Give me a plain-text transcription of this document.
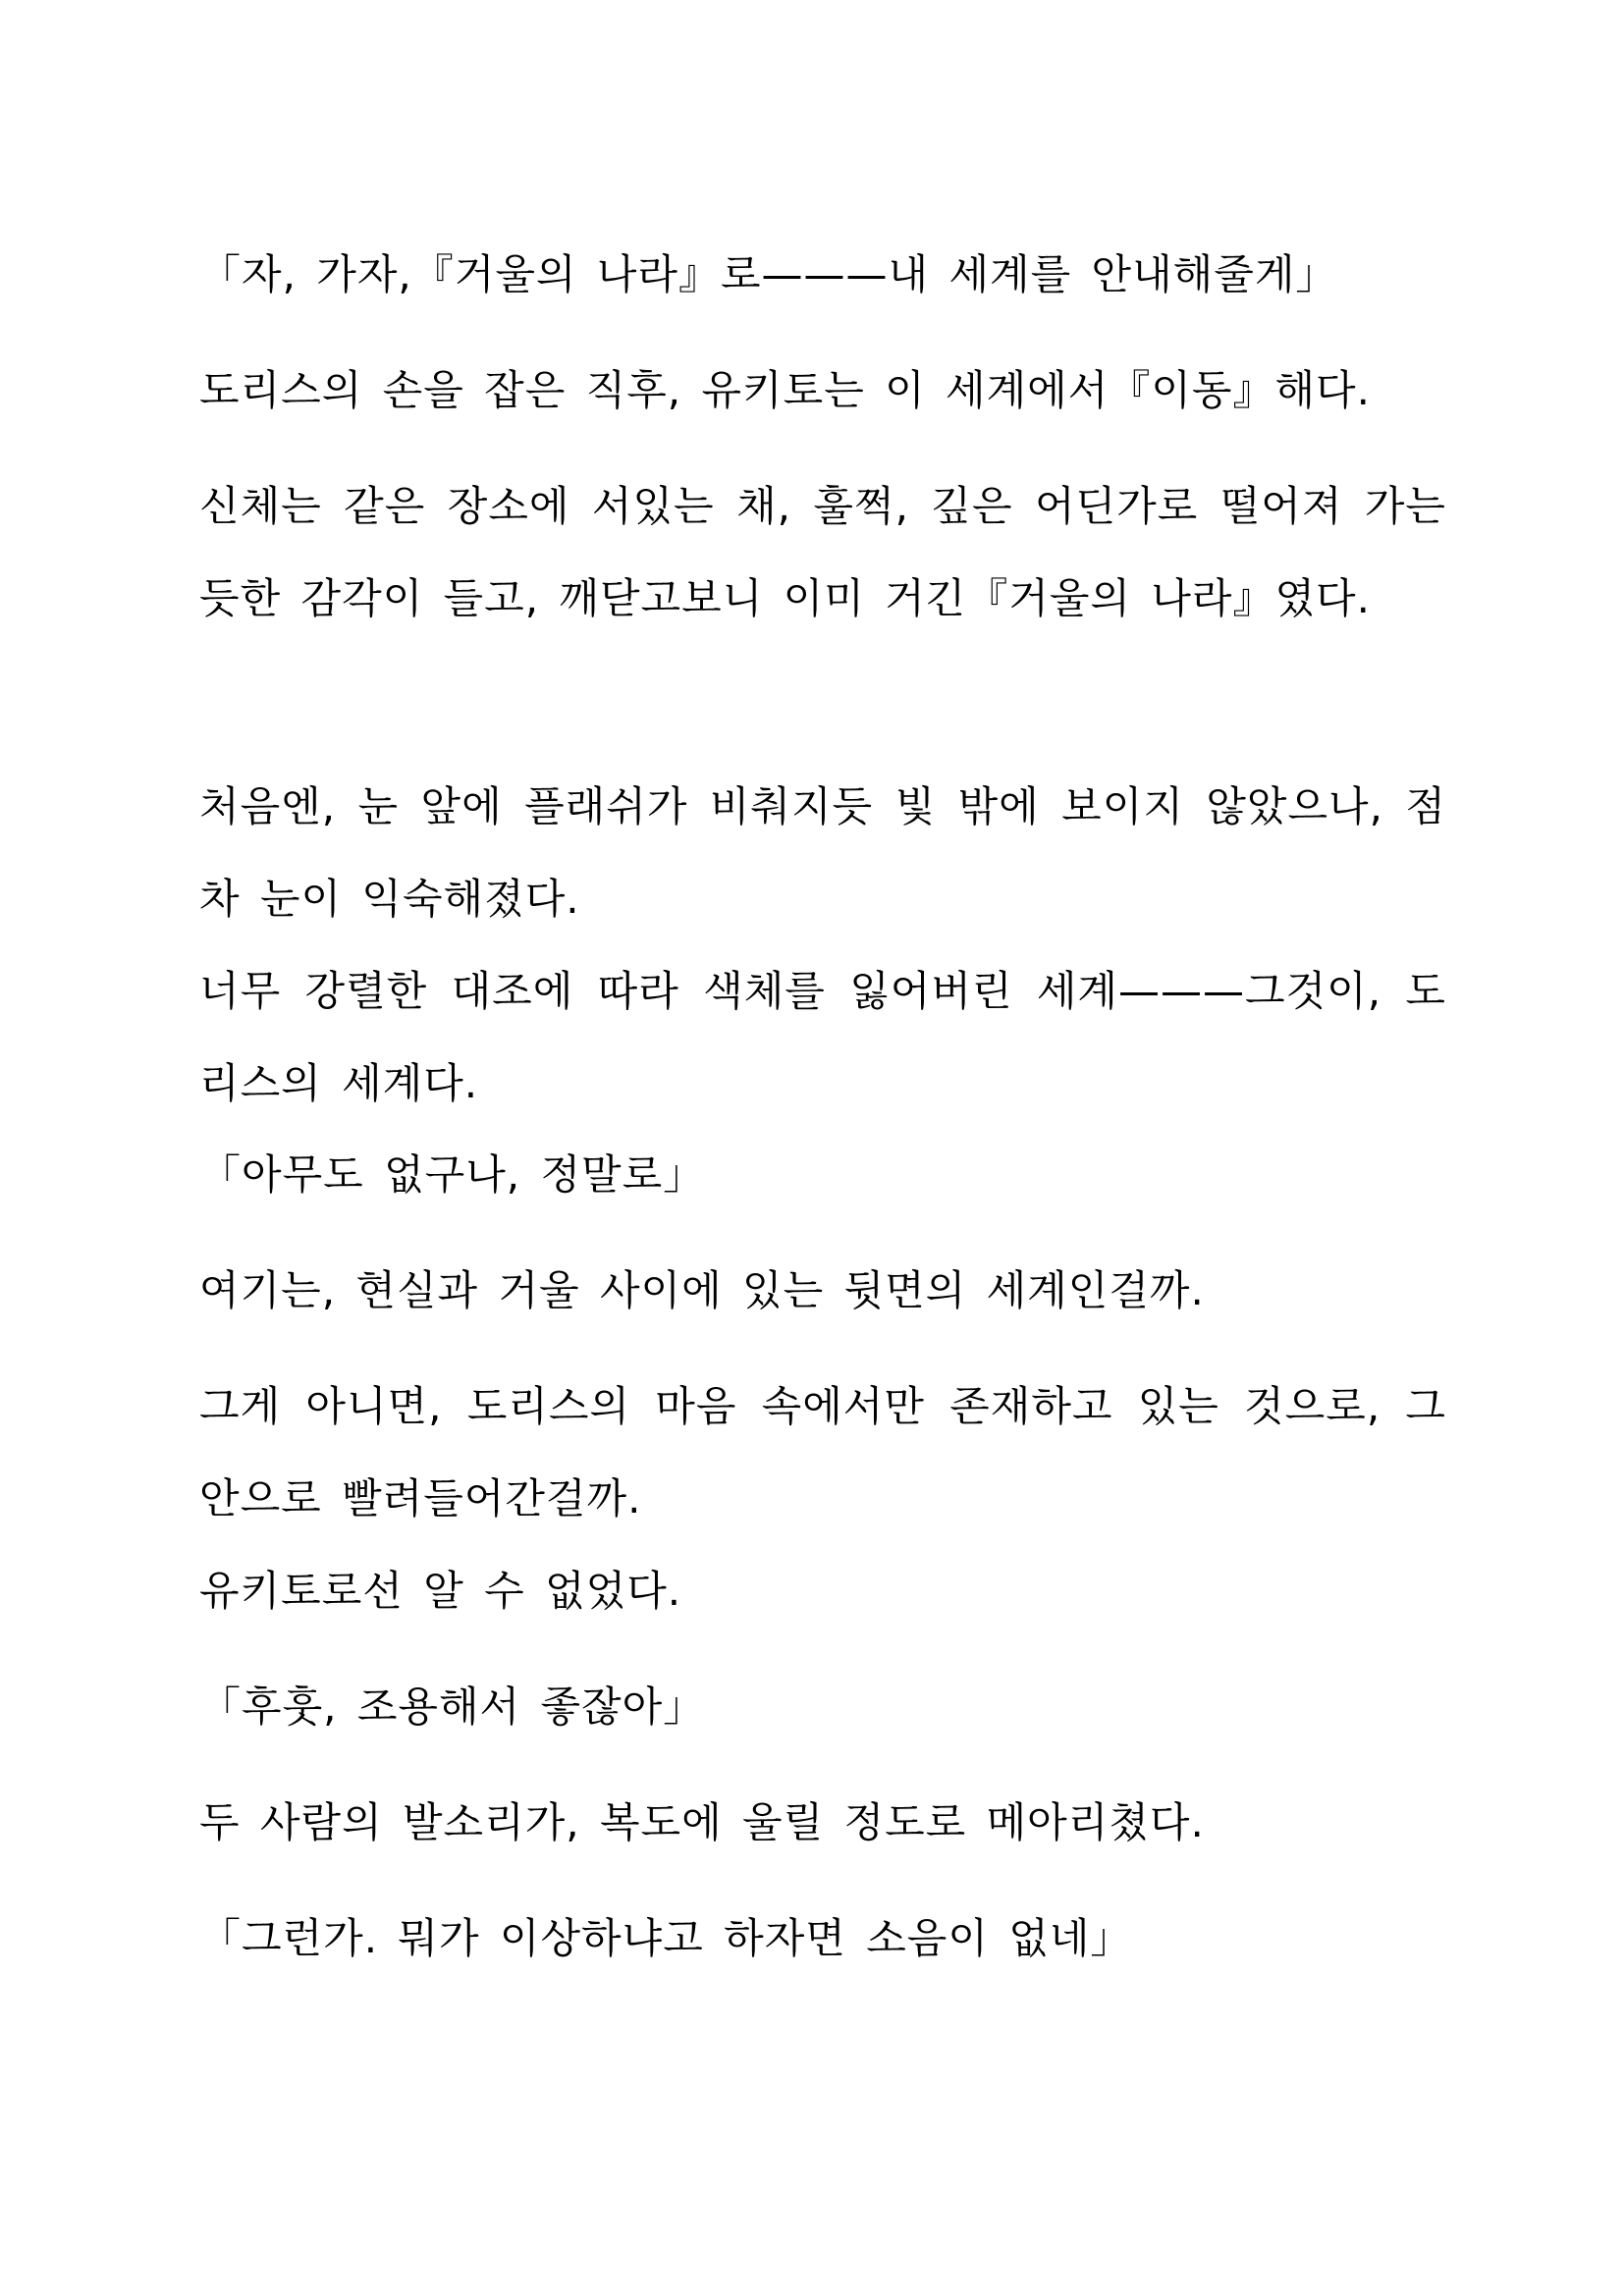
「자, 가자,『거울의 나라』로———내 세계를 안내해줄게」

도리스의 손을 잡은 직후, 유키토는 이 세계에서『이동』해다.

신체는 같은 장소에 서있는 채, 훌쩍, 깊은 어딘가로 떨어져 가는 듯한 감각이 들고, 깨닫고보니 이미 거긴『거울의 나라』였다.

처음엔, 눈 앞에 플래쉬가 비춰지듯 빛 밖에 보이지 않았으나, 점차 눈이 익숙해졌다.

너무 강렬한 대조에 따라 색체를 잃어버린 세계———그것이, 도리스의 세계다.

「아무도 없구나, 정말로」

여기는, 현실과 거울 사이에 있는 뒷면의 세계인걸까.

그게 아니면, 도리스의 마음 속에서만 존재하고 있는 것으로, 그 안으로 빨려들어간걸까.

유키토로선 알 수 없었다.

「후훗, 조용해서 좋잖아」

두 사람의 발소리가, 복도에 울릴 정도로 메아리쳤다.

「그런가. 뭐가 이상하냐고 하자면 소음이 없네」
